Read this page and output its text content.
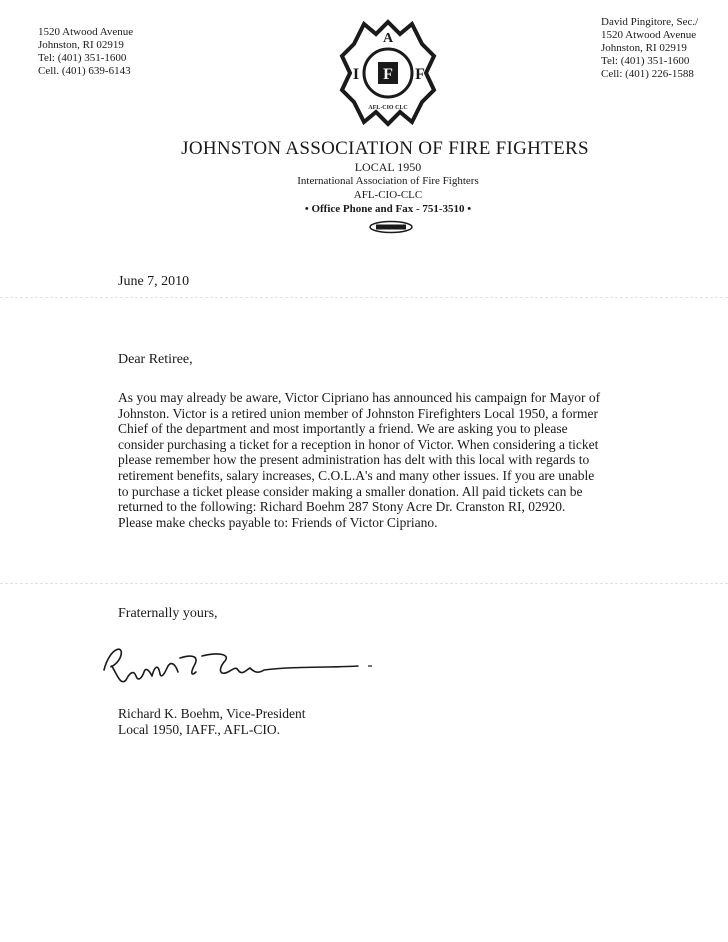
1520 Atwood Avenue
Johnston, RI 02919
Tel: (401) 351-1600
Cell. (401) 639-6143
David Pingitore, Sec./
1520 Atwood Avenue
Johnston, RI 02919
Tel: (401) 351-1600
Cell: (401) 226-1588
F
A
I	F
AFL-CIO CLC
JOHNSTON ASSOCIATION OF FIRE FIGHTERS
LOCAL 1950
International Association of Fire Fighters
AFL-CIO-CLC
• Office Phone and Fax - 751-3510 •
June 7, 2010
Dear Retiree,
As you may already be aware, Victor Cipriano has announced his campaign for Mayor of
Johnston. Victor is a retired union member of Johnston Firefighters Local 1950, a former
Chief of the department and most importantly a friend. We are asking you to please
consider purchasing a ticket for a reception in honor of Victor. When considering a ticket
please remember how the present administration has delt with this local with regards to
retirement benefits, salary increases, C.O.L.A's and many other issues. If you are unable
to purchase a ticket please consider making a smaller donation. All paid tickets can be
returned to the following: Richard Boehm 287 Stony Acre Dr. Cranston RI, 02920.
Please make checks payable to: Friends of Victor Cipriano.
Fraternally yours,
Richard K. Boehm, Vice-President
Local 1950, IAFF., AFL-CIO.
